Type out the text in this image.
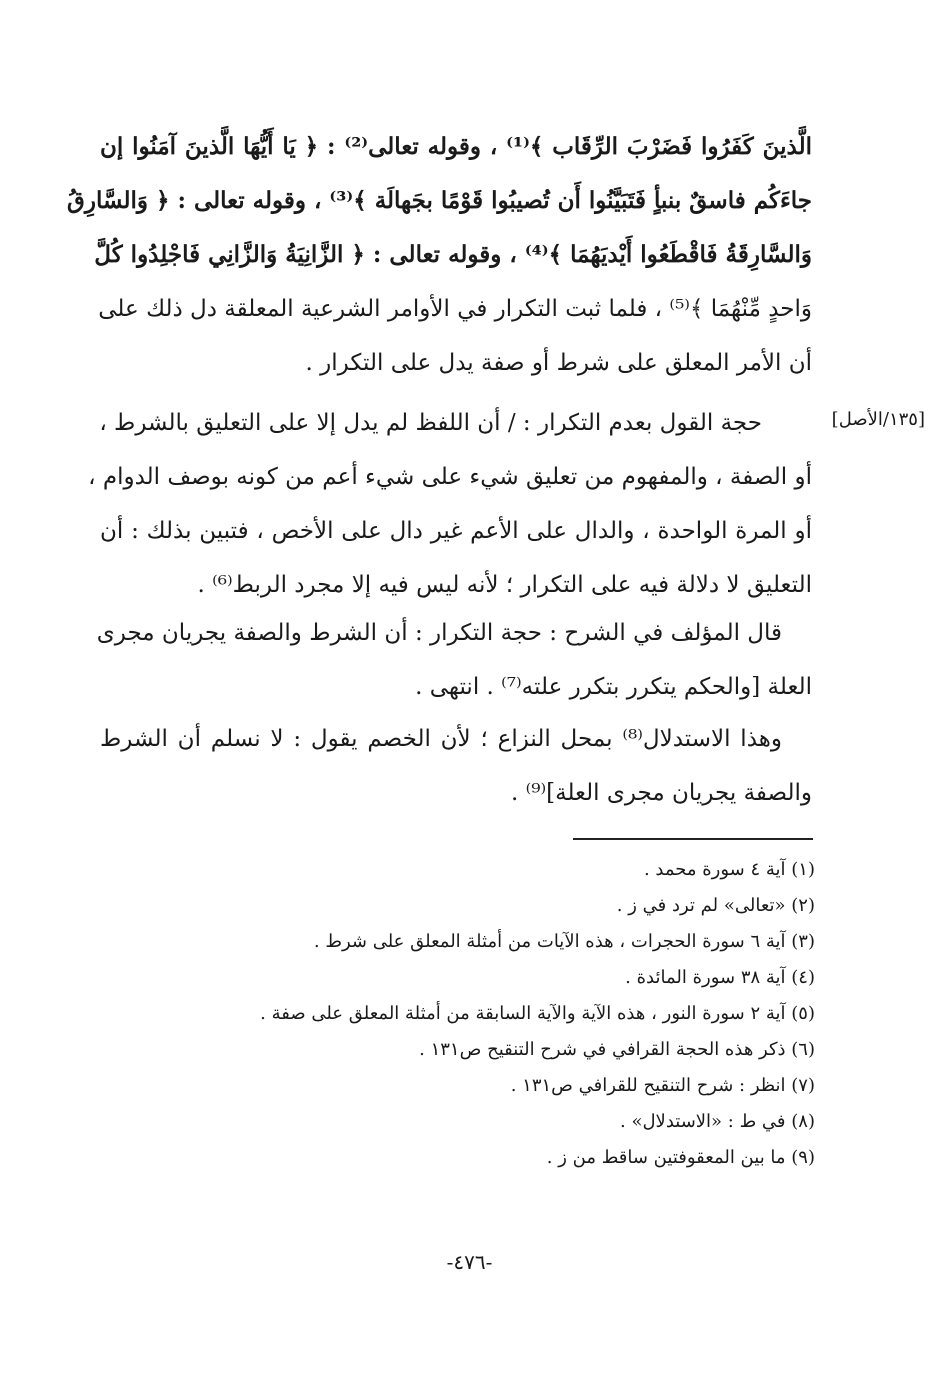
الَّذينَ كَفَرُوا فَضَرْبَ الرِّقَاب ﴾⁽¹⁾ ، وقوله تعالى⁽²⁾ : ﴿ يَا أَيُّهَا الَّذينَ آمَنُوا إن
جاءَكُم فاسقٌ بنبأٍ فَتَبَيَّنُوا أَن تُصيبُوا قَوْمًا بجَهالَة ﴾⁽³⁾ ، وقوله تعالى : ﴿ وَالسَّارِقُ
وَالسَّارِقَةُ فَاقْطَعُوا أَيْديَهُمَا ﴾⁽⁴⁾ ، وقوله تعالى : ﴿ الزَّانِيَةُ وَالزَّانِي فَاجْلِدُوا كُلَّ
وَاحدٍ مِّنْهُمَا ﴾⁽⁵⁾ ، فلما ثبت التكرار في الأوامر الشرعية المعلقة دل ذلك على
أن الأمر المعلق على شرط أو صفة يدل على التكرار .
[١٣٥/الأصل]
حجة القول بعدم التكرار : / أن اللفظ لم يدل إلا على التعليق بالشرط ،
أو الصفة ، والمفهوم من تعليق شيء على شيء أعم من كونه بوصف الدوام ،
أو المرة الواحدة ، والدال على الأعم غير دال على الأخص ، فتبين بذلك : أن
التعليق لا دلالة فيه على التكرار ؛ لأنه ليس فيه إلا مجرد الربط⁽⁶⁾ .
قال المؤلف في الشرح : حجة التكرار : أن الشرط والصفة يجريان مجرى
العلة [والحكم يتكرر بتكرر علته⁽⁷⁾ . انتهى .
وهذا الاستدلال⁽⁸⁾ بمحل النزاع ؛ لأن الخصم يقول : لا نسلم أن الشرط
والصفة يجريان مجرى العلة]⁽⁹⁾ .
(١) آية ٤ سورة محمد .
(٢) «تعالى» لم ترد في ز .
(٣) آية ٦ سورة الحجرات ، هذه الآيات من أمثلة المعلق على شرط .
(٤) آية ٣٨ سورة المائدة .
(٥) آية ٢ سورة النور ، هذه الآية والآية السابقة من أمثلة المعلق على صفة .
(٦) ذكر هذه الحجة القرافي في شرح التنقيح ص١٣١ .
(٧) انظر : شرح التنقيح للقرافي ص١٣١ .
(٨) في ط : «الاستدلال» .
(٩) ما بين المعقوفتين ساقط من ز .
-٤٧٦-
